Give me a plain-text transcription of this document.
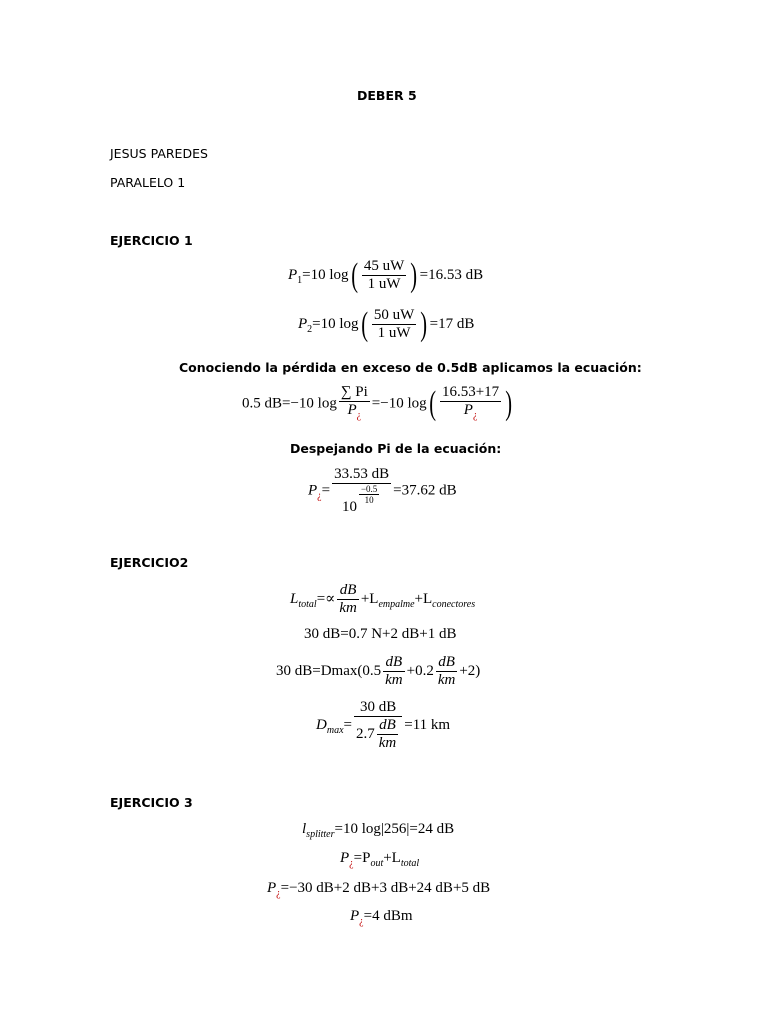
DEBER 5
JESUS PAREDES
PARALELO 1
EJERCICIO 1
$P_1=10$ $\log( \frac{45 uW}{1 uW}$ ) =16.53 dB
$P_2=10$ $\log( \frac{50 uW}{1 uW}$ ) =17 dB
Conociendo la pérdida en exceso de 0.5dB aplicamos la ecuación:
0.5 dB=−10 $\log \frac{\sum Pi}{P_¿} =-10$ $\log( \frac{16.53+17}{P_¿}$ )
Despejando Pi de la ecuación:
$P_¿= 33.53$ dB
10
$\frac{-0.5}{10} =37.62$ dB
EJERCICIO2
$L_{total}=\propto \frac{dB}{km} +L_{empalme}+L_{conectores}$
30 dB=0.7 N+2 dB+1 dB
30 $dB=Dmax(0.5 \frac{dB}{km} +0.2 \frac{dB}{km} +2)$
$D_{max}= \frac{30 dB}{2.7 \frac{dB}{km}} =11$ km
EJERCICIO 3
$l_{splitter}=10$ log|256|=24 dB
$P_¿=P_{out}+L_{total}$
$P_¿=-30$ dB+2 dB+3 dB+24 dB+5 dB
$P_¿=4$ dBm
